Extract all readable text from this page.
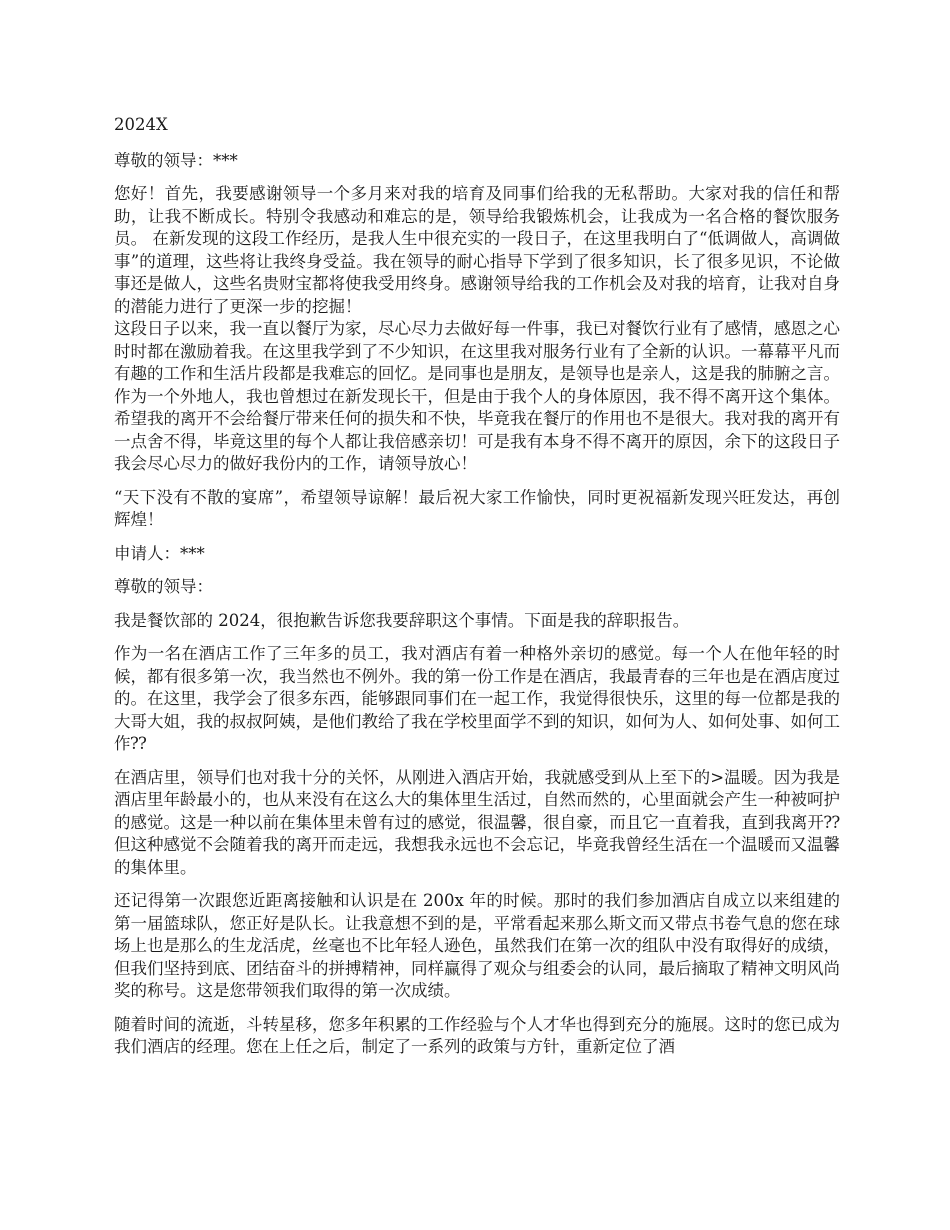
2024X
尊敬的领导：***
您好！首先，我要感谢领导一个多月来对我的培育及同事们给我的无私帮助。大家对我的信任和帮助，让我不断成长。特别令我感动和难忘的是，领导给我锻炼机会，让我成为一名合格的餐饮服务员。 在新发现的这段工作经历，是我人生中很充实的一段日子，在这里我明白了“低调做人，高调做事”的道理，这些将让我终身受益。我在领导的耐心指导下学到了很多知识，长了很多见识，不论做事还是做人，这些名贵财宝都将使我受用终身。感谢领导给我的工作机会及对我的培育，让我对自身的潜能力进行了更深一步的挖掘！
这段日子以来，我一直以餐厅为家，尽心尽力去做好每一件事，我已对餐饮行业有了感情，感恩之心时时都在激励着我。在这里我学到了不少知识，在这里我对服务行业有了全新的认识。一幕幕平凡而有趣的工作和生活片段都是我难忘的回忆。是同事也是朋友，是领导也是亲人，这是我的肺腑之言。作为一个外地人，我也曾想过在新发现长干，但是由于我个人的身体原因，我不得不离开这个集体。 希望我的离开不会给餐厅带来任何的损失和不快，毕竟我在餐厅的作用也不是很大。我对我的离开有一点舍不得，毕竟这里的每个人都让我倍感亲切！可是我有本身不得不离开的原因，余下的这段日子我会尽心尽力的做好我份内的工作，请领导放心！
“天下没有不散的宴席”，希望领导谅解！最后祝大家工作愉快，同时更祝福新发现兴旺发达，再创辉煌！
申请人：***
尊敬的领导：
我是餐饮部的 2024，很抱歉告诉您我要辞职这个事情。下面是我的辞职报告。
作为一名在酒店工作了三年多的员工，我对酒店有着一种格外亲切的感觉。每一个人在他年轻的时候，都有很多第一次，我当然也不例外。我的第一份工作是在酒店，我最青春的三年也是在酒店度过的。在这里，我学会了很多东西，能够跟同事们在一起工作，我觉得很快乐，这里的每一位都是我的大哥大姐，我的叔叔阿姨，是他们教给了我在学校里面学不到的知识，如何为人、如何处事、如何工作⁇
在酒店里，领导们也对我十分的关怀，从刚进入酒店开始，我就感受到从上至下的>温暖。因为我是酒店里年龄最小的，也从来没有在这么大的集体里生活过，自然而然的，心里面就会产生一种被呵护的感觉。这是一种以前在集体里未曾有过的感觉，很温馨，很自豪，而且它一直着我，直到我离开⁇但这种感觉不会随着我的离开而走远，我想我永远也不会忘记，毕竟我曾经生活在一个温暖而又温馨的集体里。
还记得第一次跟您近距离接触和认识是在 200x 年的时候。那时的我们参加酒店自成立以来组建的第一届篮球队，您正好是队长。让我意想不到的是，平常看起来那么斯文而又带点书卷气息的您在球场上也是那么的生龙活虎，丝毫也不比年轻人逊色，虽然我们在第一次的组队中没有取得好的成绩，但我们坚持到底、团结奋斗的拼搏精神，同样赢得了观众与组委会的认同，最后摘取了精神文明风尚奖的称号。这是您带领我们取得的第一次成绩。
随着时间的流逝，斗转星移，您多年积累的工作经验与个人才华也得到充分的施展。这时的您已成为我们酒店的经理。您在上任之后，制定了一系列的政策与方针，重新定位了酒
